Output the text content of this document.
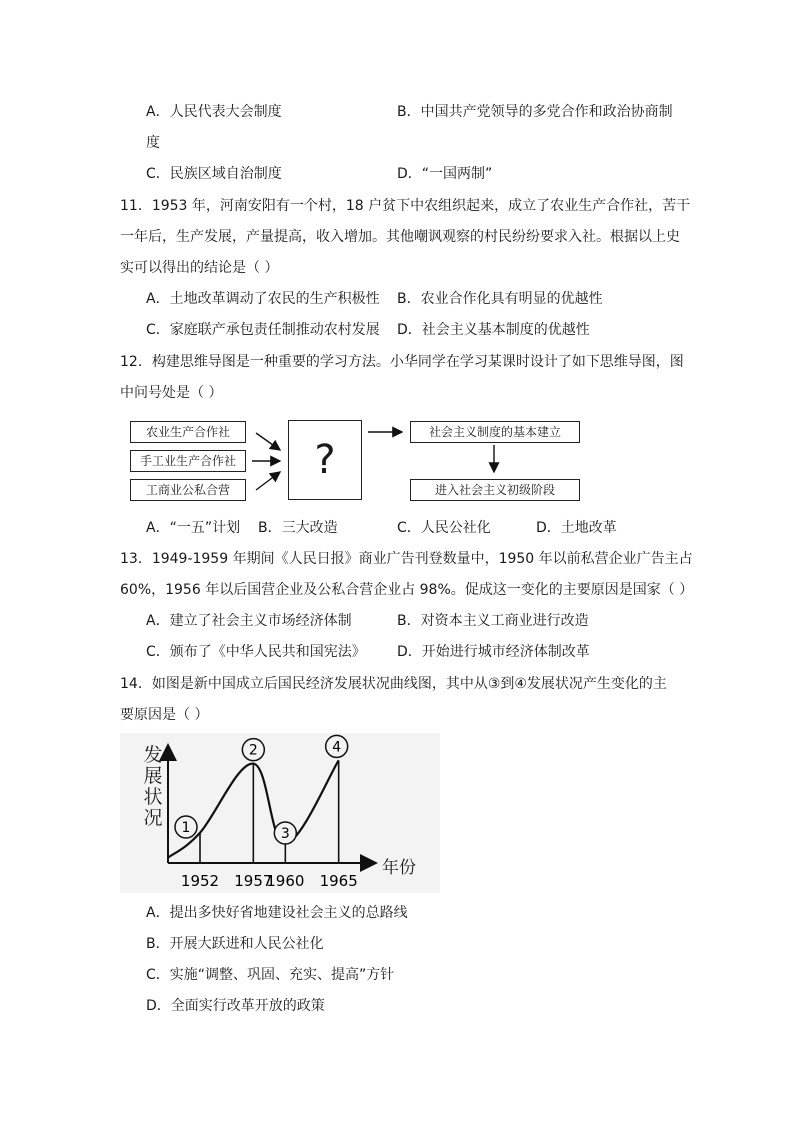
A．人民代表大会制度	B．中国共产党领导的多党合作和政治协商制
度
C．民族区域自治制度	D．“一国两制”
11．1953 年，河南安阳有一个村，18 户贫下中农组织起来，成立了农业生产合作社，苦干
一年后，生产发展，产量提高，收入增加。其他嘲讽观察的村民纷纷要求入社。根据以上史
实可以得出的结论是（ ）
A．土地改革调动了农民的生产积极性 B．农业合作化具有明显的优越性
C．家庭联产承包责任制推动农村发展 D．社会主义基本制度的优越性
12．构建思维导图是一种重要的学习方法。小华同学在学习某课时设计了如下思维导图，图
中问号处是（ ）
农业生产合作社
手工业生产合作社
工商业公私合营
?
社会主义制度的基本建立
进入社会主义初级阶段
A．“一五”计划 B．三大改造	C．人民公社化	D．土地改革
13．1949-1959 年期间《人民日报》商业广告刊登数量中，1950 年以前私营企业广告主占
A．建立了社会主义市场经济体制	B．对资本主义工商业进行改造
C．颁布了《中华人民共和国宪法》 D．开始进行城市经济体制改革
14．如图是新中国成立后国民经济发展状况曲线图，其中从③到④发展状况产生变化的主
要原因是（ ）
1
1952
2
1957
3
1960
4
1965
发
展
状
况
年份
A．提出多快好省地建设社会主义的总路线
B．开展大跃进和人民公社化
C．实施“调整、巩固、充实、提高”方针
D．全面实行改革开放的政策
60%，1956 年以后国营企业及公私合营企业占 98%。促成这一变化的主要原因是国家（ ）
